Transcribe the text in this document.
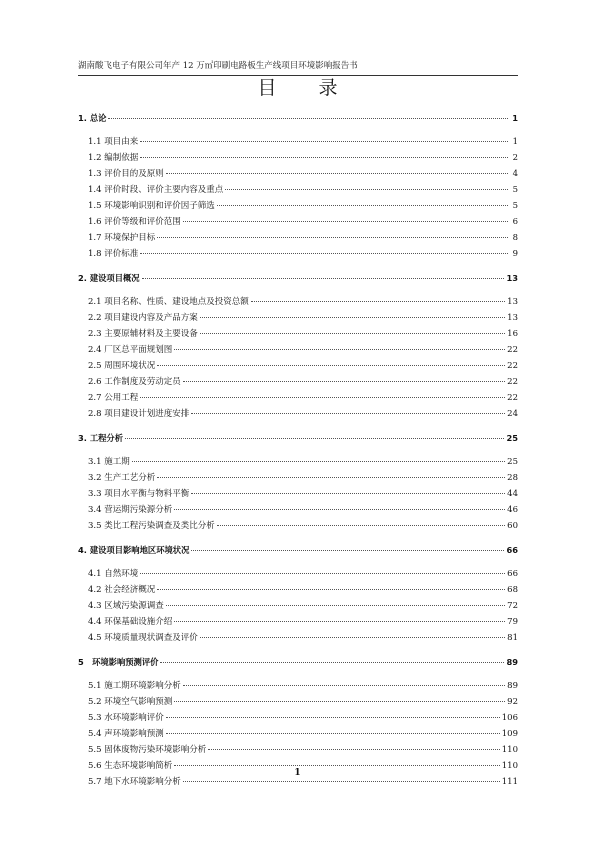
湖南酸飞电子有限公司年产 12 万㎡印刷电路板生产线项目环境影响报告书
目 录
1. 总论	1
1.1 项目由来	1
1.2 编制依据	2
1.3 评价目的及原则	4
1.4 评价时段、评价主要内容及重点	5
1.5 环境影响识别和评价因子筛选	5
1.6 评价等级和评价范围	6
1.7 环境保护目标	8
1.8 评价标准	9
2. 建设项目概况	13
2.1 项目名称、性质、建设地点及投资总额	13
2.2 项目建设内容及产品方案	13
2.3 主要原辅材料及主要设备	16
2.4 厂区总平面规划图	22
2.5 周围环境状况	22
2.6 工作制度及劳动定员	22
2.7 公用工程	22
2.8 项目建设计划进度安排	24
3. 工程分析	25
3.1 施工期	25
3.2 生产工艺分析	28
3.3 项目水平衡与物料平衡	44
3.4 营运期污染源分析	46
3.5 类比工程污染调查及类比分析	60
4. 建设项目影响地区环境状况	66
4.1 自然环境	66
4.2 社会经济概况	68
4.3 区域污染源调查	72
4.4 环保基础设施介绍	79
4.5 环境质量现状调查及评价	81
5　环境影响预测评价	89
5.1 施工期环境影响分析	89
5.2 环境空气影响预测	92
5.3 水环境影响评价	106
5.4 声环境影响预测	109
5.5 固体废物污染环境影响分析	110
5.6 生态环境影响简析	110
5.7 地下水环境影响分析	111
1
